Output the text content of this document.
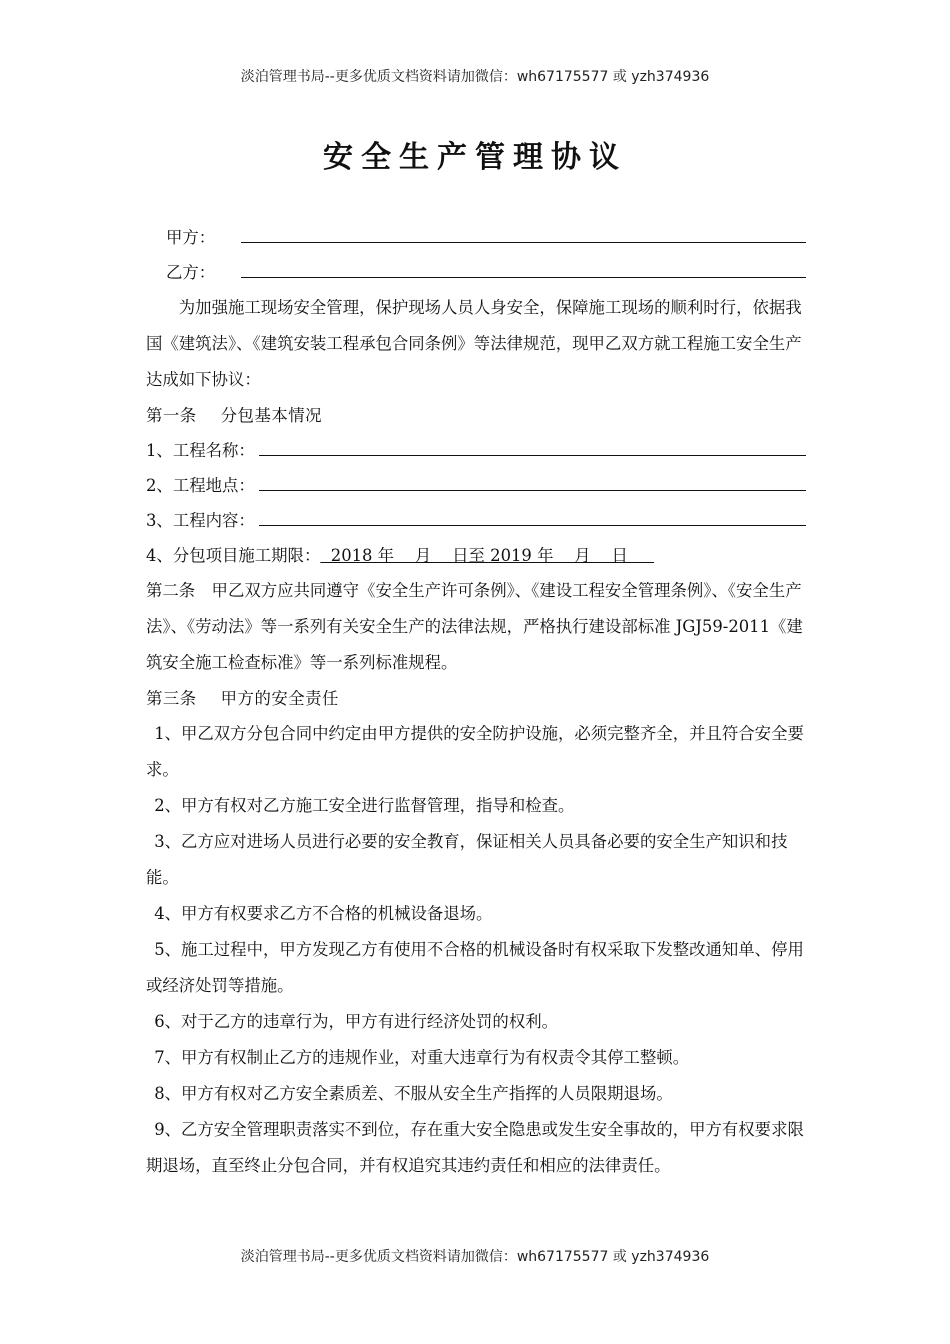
淡泊管理书局--更多优质文档资料请加微信：wh67175577 或 yzh374936
安全生产管理协议
甲方：
乙方：
为加强施工现场安全管理，保护现场人员人身安全，保障施工现场的顺利时行，依据我国《建筑法》、《建筑安装工程承包合同条例》等法律规范，现甲乙双方就工程施工安全生产达成如下协议：
第一条 分包基本情况
1、工程名称：
2、工程地点：
3、工程内容：
4、分包项目施工期限：  2018 年    月    日至 2019 年    月    日
第二条　甲乙双方应共同遵守《安全生产许可条例》、《建设工程安全管理条例》、《安全生产法》、《劳动法》等一系列有关安全生产的法律法规，严格执行建设部标准 JGJ59-2011《建筑安全施工检查标准》等一系列标准规程。
第三条 甲方的安全责任
1、甲乙双方分包合同中约定由甲方提供的安全防护设施，必须完整齐全，并且符合安全要求。
2、甲方有权对乙方施工安全进行监督管理，指导和检查。
3、乙方应对进场人员进行必要的安全教育，保证相关人员具备必要的安全生产知识和技能。
4、甲方有权要求乙方不合格的机械设备退场。
5、施工过程中，甲方发现乙方有使用不合格的机械设备时有权采取下发整改通知单、停用或经济处罚等措施。
6、对于乙方的违章行为，甲方有进行经济处罚的权利。
7、甲方有权制止乙方的违规作业，对重大违章行为有权责令其停工整顿。
8、甲方有权对乙方安全素质差、不服从安全生产指挥的人员限期退场。
9、乙方安全管理职责落实不到位，存在重大安全隐患或发生安全事故的，甲方有权要求限期退场，直至终止分包合同，并有权追究其违约责任和相应的法律责任。
淡泊管理书局--更多优质文档资料请加微信：wh67175577 或 yzh374936
